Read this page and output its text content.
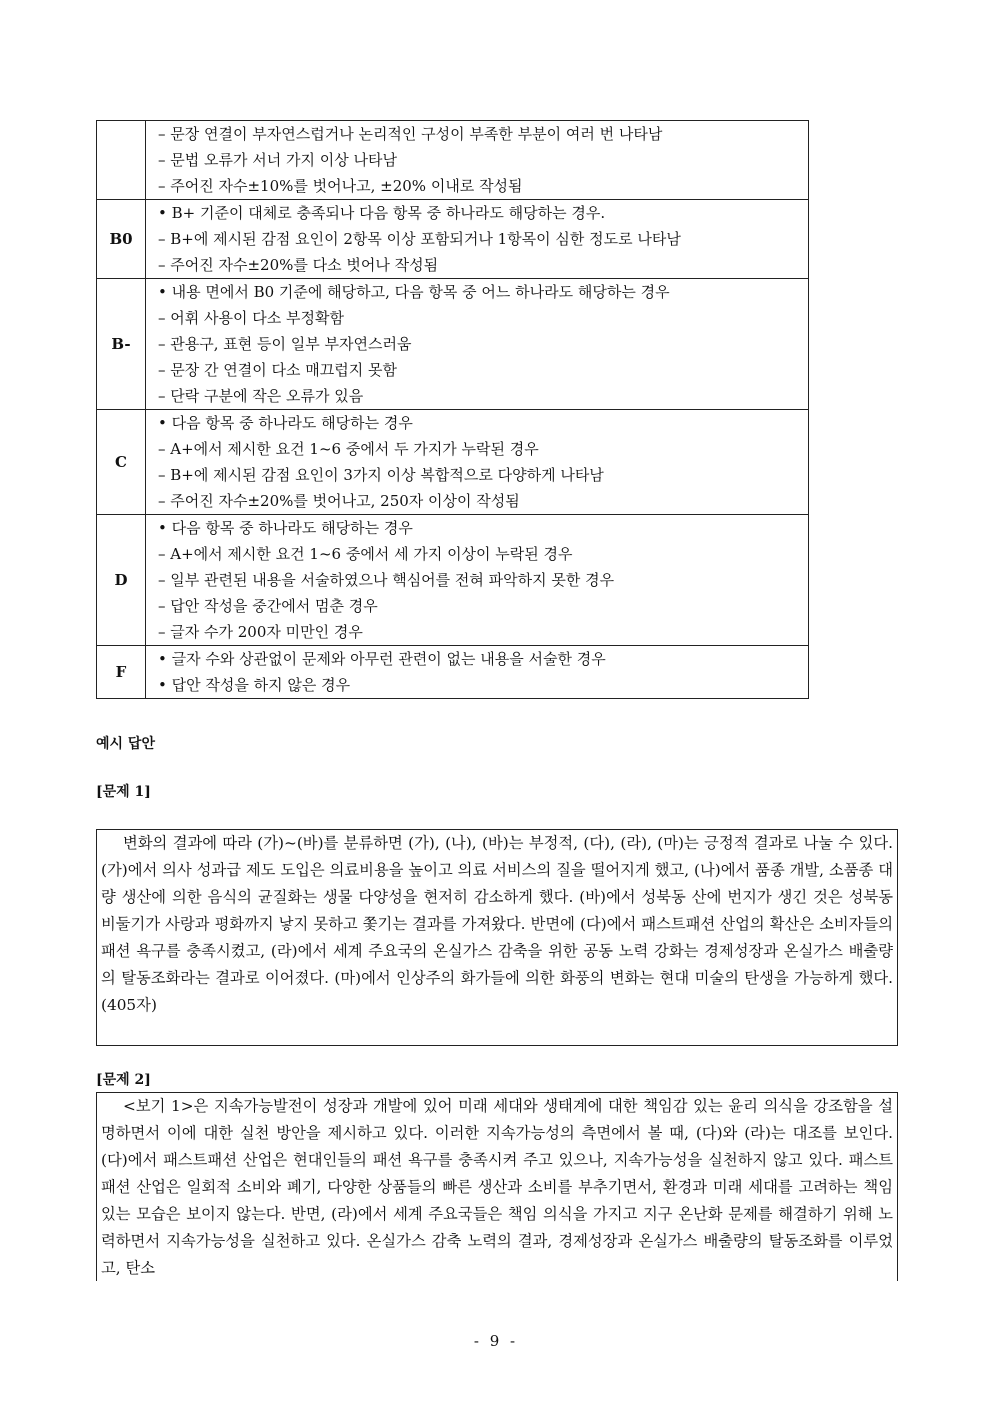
	– 문장 연결이 부자연스럽거나 논리적인 구성이 부족한 부분이 여러 번 나타남
– 문법 오류가 서너 가지 이상 나타남
– 주어진 자수±10%를 벗어나고, ±20% 이내로 작성됨

B0	• B+ 기준이 대체로 충족되나 다음 항목 중 하나라도 해당하는 경우.
– B+에 제시된 감점 요인이 2항목 이상 포함되거나 1항목이 심한 정도로 나타남
– 주어진 자수±20%를 다소 벗어나 작성됨

B-	• 내용 면에서 B0 기준에 해당하고, 다음 항목 중 어느 하나라도 해당하는 경우
– 어휘 사용이 다소 부정확함
– 관용구, 표현 등이 일부 부자연스러움
– 문장 간 연결이 다소 매끄럽지 못함
– 단락 구분에 작은 오류가 있음

C	• 다음 항목 중 하나라도 해당하는 경우
– A+에서 제시한 요건 1~6 중에서 두 가지가 누락된 경우
– B+에 제시된 감점 요인이 3가지 이상 복합적으로 다양하게 나타남
– 주어진 자수±20%를 벗어나고, 250자 이상이 작성됨

D	• 다음 항목 중 하나라도 해당하는 경우
– A+에서 제시한 요건 1~6 중에서 세 가지 이상이 누락된 경우
– 일부 관련된 내용을 서술하였으나 핵심어를 전혀 파악하지 못한 경우
– 답안 작성을 중간에서 멈춘 경우
– 글자 수가 200자 미만인 경우

F	• 글자 수와 상관없이 문제와 아무런 관련이 없는 내용을 서술한 경우
• 답안 작성을 하지 않은 경우
예시 답안
[문제 1]
변화의 결과에 따라 (가)~(바)를 분류하면 (가), (나), (바)는 부정적, (다), (라), (마)는 긍정적 결과로 나눌 수 있다. (가)에서 의사 성과급 제도 도입은 의료비용을 높이고 의료 서비스의 질을 떨어지게 했고, (나)에서 품종 개발, 소품종 대량 생산에 의한 음식의 균질화는 생물 다양성을 현저히 감소하게 했다. (바)에서 성북동 산에 번지가 생긴 것은 성북동 비둘기가 사랑과 평화까지 낳지 못하고 쫓기는 결과를 가져왔다. 반면에 (다)에서 패스트패션 산업의 확산은 소비자들의 패션 욕구를 충족시켰고, (라)에서 세계 주요국의 온실가스 감축을 위한 공동 노력 강화는 경제성장과 온실가스 배출량의 탈동조화라는 결과로 이어졌다. (마)에서 인상주의 화가들에 의한 화풍의 변화는 현대 미술의 탄생을 가능하게 했다. (405자)
[문제 2]
<보기 1>은 지속가능발전이 성장과 개발에 있어 미래 세대와 생태계에 대한 책임감 있는 윤리 의식을 강조함을 설명하면서 이에 대한 실천 방안을 제시하고 있다. 이러한 지속가능성의 측면에서 볼 때, (다)와 (라)는 대조를 보인다. (다)에서 패스트패션 산업은 현대인들의 패션 욕구를 충족시켜 주고 있으나, 지속가능성을 실천하지 않고 있다. 패스트패션 산업은 일회적 소비와 폐기, 다양한 상품들의 빠른 생산과 소비를 부추기면서, 환경과 미래 세대를 고려하는 책임 있는 모습은 보이지 않는다. 반면, (라)에서 세계 주요국들은 책임 의식을 가지고 지구 온난화 문제를 해결하기 위해 노력하면서 지속가능성을 실천하고 있다. 온실가스 감축 노력의 결과, 경제성장과 온실가스 배출량의 탈동조화를 이루었고, 탄소
- 9 -
